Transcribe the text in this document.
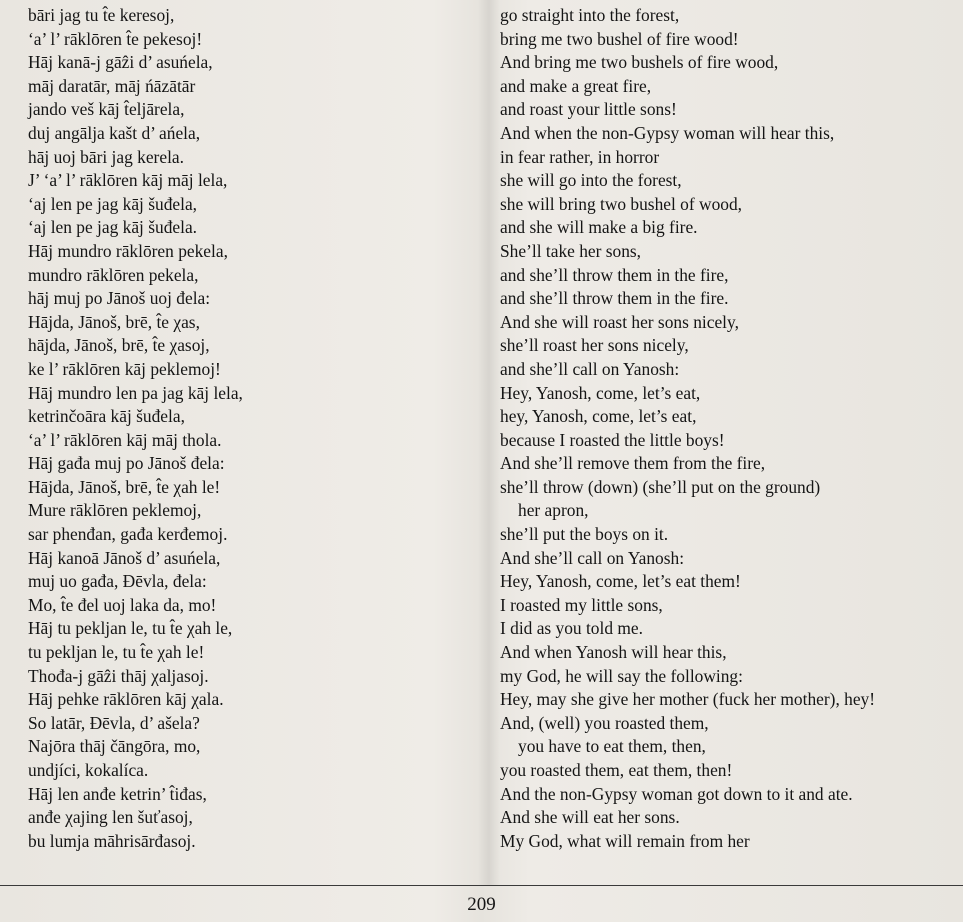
bāri jag tu t̂e keresoj,
‘a’ l’ rāklōren t̂e pekesoj!
Hāj kanā-j gāẑi d’ asuńela,
māj daratār, māj ńāzātār
jando veš kāj t̂eljārela,
duj angālja kašt d’ ańela,
hāj uoj bāri jag kerela.
J’ ‘a’ l’ rāklōren kāj māj lela,
‘aj len pe jag kāj šuđela,
‘aj len pe jag kāj šuđela.
Hāj mundro rāklōren pekela,
mundro rāklōren pekela,
hāj muj po Jānoš uoj đela:
Hājda, Jānoš, brē, t̂e χas,
hājda, Jānoš, brē, t̂e χasoj,
ke l’ rāklōren kāj peklemoj!
Hāj mundro len pa jag kāj lela,
ketrinčoāra kāj šuđela,
‘a’ l’ rāklōren kāj māj thola.
Hāj gađa muj po Jānoš đela:
Hājda, Jānoš, brē, t̂e χah le!
Mure rāklōren peklemoj,
sar phenđan, gađa kerđemoj.
Hāj kanoā Jānoš d’ asuńela,
muj uo gađa, Đēvla, đela:
Mo, t̂e đel uoj laka da, mo!
Hāj tu pekljan le, tu t̂e χah le,
tu pekljan le, tu t̂e χah le!
Thođa-j gāẑi thāj χaljasoj.
Hāj pehke rāklōren kāj χala.
So latār, Đēvla, d’ ašela?
Najōra thāj čāngōra, mo,
undjíci, kokalíca.
Hāj len anđe ketrin’ t̂iđas,
anđe χajing len šuťasoj,
bu lumja māhrisārđasoj.
go straight into the forest,
bring me two bushel of fire wood!
And bring me two bushels of fire wood,
and make a great fire,
and roast your little sons!
And when the non-Gypsy woman will hear this,
in fear rather, in horror
she will go into the forest,
she will bring two bushel of wood,
and she will make a big fire.
She’ll take her sons,
and she’ll throw them in the fire,
and she’ll throw them in the fire.
And she will roast her sons nicely,
she’ll roast her sons nicely,
and she’ll call on Yanosh:
Hey, Yanosh, come, let’s eat,
hey, Yanosh, come, let’s eat,
because I roasted the little boys!
And she’ll remove them from the fire,
she’ll throw (down) (she’ll put on the ground)
her apron,
she’ll put the boys on it.
And she’ll call on Yanosh:
Hey, Yanosh, come, let’s eat them!
I roasted my little sons,
I did as you told me.
And when Yanosh will hear this,
my God, he will say the following:
Hey, may she give her mother (fuck her mother), hey!
And, (well) you roasted them,
you have to eat them, then,
you roasted them, eat them, then!
And the non-Gypsy woman got down to it and ate.
And she will eat her sons.
My God, what will remain from her
209
